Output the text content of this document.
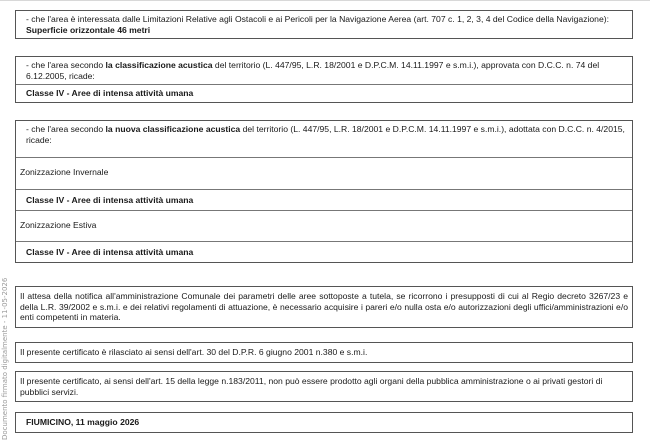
Documento firmato digitalmente - 11-05-2026
- che l'area è interessata dalle Limitazioni Relative agli Ostacoli e ai Pericoli per la Navigazione Aerea (art. 707 c. 1, 2, 3, 4 del Codice della Navigazione): Superficie orizzontale 46 metri
- che l'area secondo la classificazione acustica del territorio (L. 447/95, L.R. 18/2001 e D.P.C.M. 14.11.1997 e s.m.i.), approvata con D.C.C. n. 74 del 6.12.2005, ricade:
Classe IV - Aree di intensa attività umana
- che l'area secondo la nuova classificazione acustica del territorio (L. 447/95, L.R. 18/2001 e D.P.C.M. 14.11.1997 e s.m.i.), adottata con D.C.C. n. 4/2015, ricade:
Zonizzazione Invernale
Classe IV - Aree di intensa attività umana
Zonizzazione Estiva
Classe IV - Aree di intensa attività umana
Il attesa della notifica all'amministrazione Comunale dei parametri delle aree sottoposte a tutela, se ricorrono i presupposti di cui al Regio decreto 3267/23 e della L.R. 39/2002 e s.m.i. e dei relativi regolamenti di attuazione, è necessario acquisire i pareri e/o nulla osta e/o autorizzazioni degli uffici/amministrazioni e/o enti competenti in materia.
Il presente certificato è rilasciato ai sensi dell'art. 30 del D.P.R. 6 giugno 2001 n.380 e s.m.i.
Il presente certificato, ai sensi dell'art. 15 della legge n.183/2011, non può essere prodotto agli organi della pubblica amministrazione o ai privati gestori di pubblici servizi.
FIUMICINO, 11 maggio 2026
